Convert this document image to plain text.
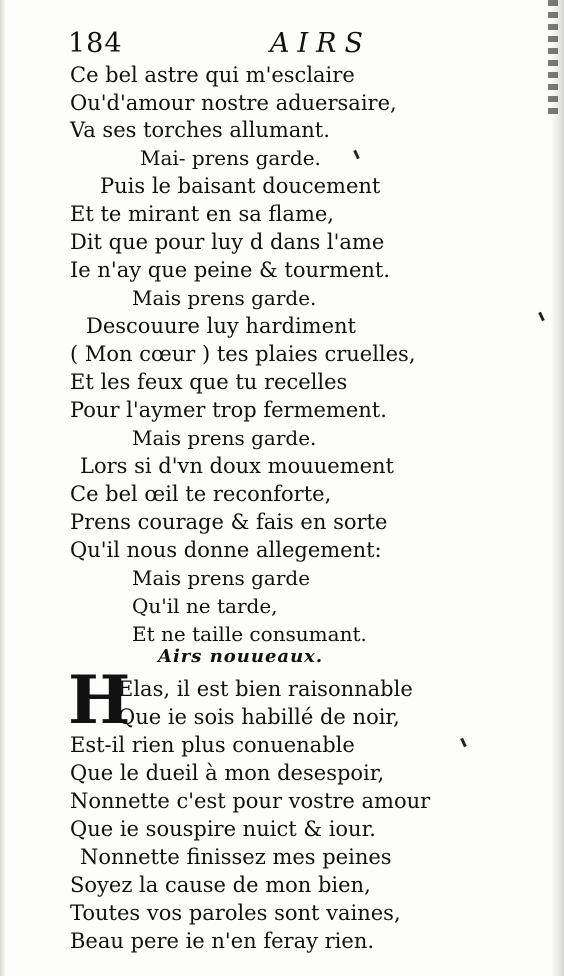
184	AIRS
Ce bel astre qui m'esclaire
Ou'd'amour nostre aduersaire,
Va ses torches allumant.
Mai- prens garde.
Puis le baisant doucement
Et te mirant en sa flame,
Dit que pour luy d dans l'ame
Ie n'ay que peine & tourment.
Mais prens garde.
Descouure luy hardiment
( Mon cœur ) tes plaies cruelles,
Et les feux que tu recelles
Pour l'aymer trop fermement.
Mais prens garde.
Lors si d'vn doux mouuement
Ce bel œil te reconforte,
Prens courage & fais en sorte
Qu'il nous donne allegement:
Mais prens garde
Qu'il ne tarde,
Et ne taille consumant.
Airs nouueaux.
H
Elas, il est bien raisonnable
Que ie sois habillé de noir,
Est-il rien plus conuenable
Que le dueil à mon desespoir,
Nonnette c'est pour vostre amour
Que ie souspire nuict & iour.
Nonnette finissez mes peines
Soyez la cause de mon bien,
Toutes vos paroles sont vaines,
Beau pere ie n'en feray rien.
